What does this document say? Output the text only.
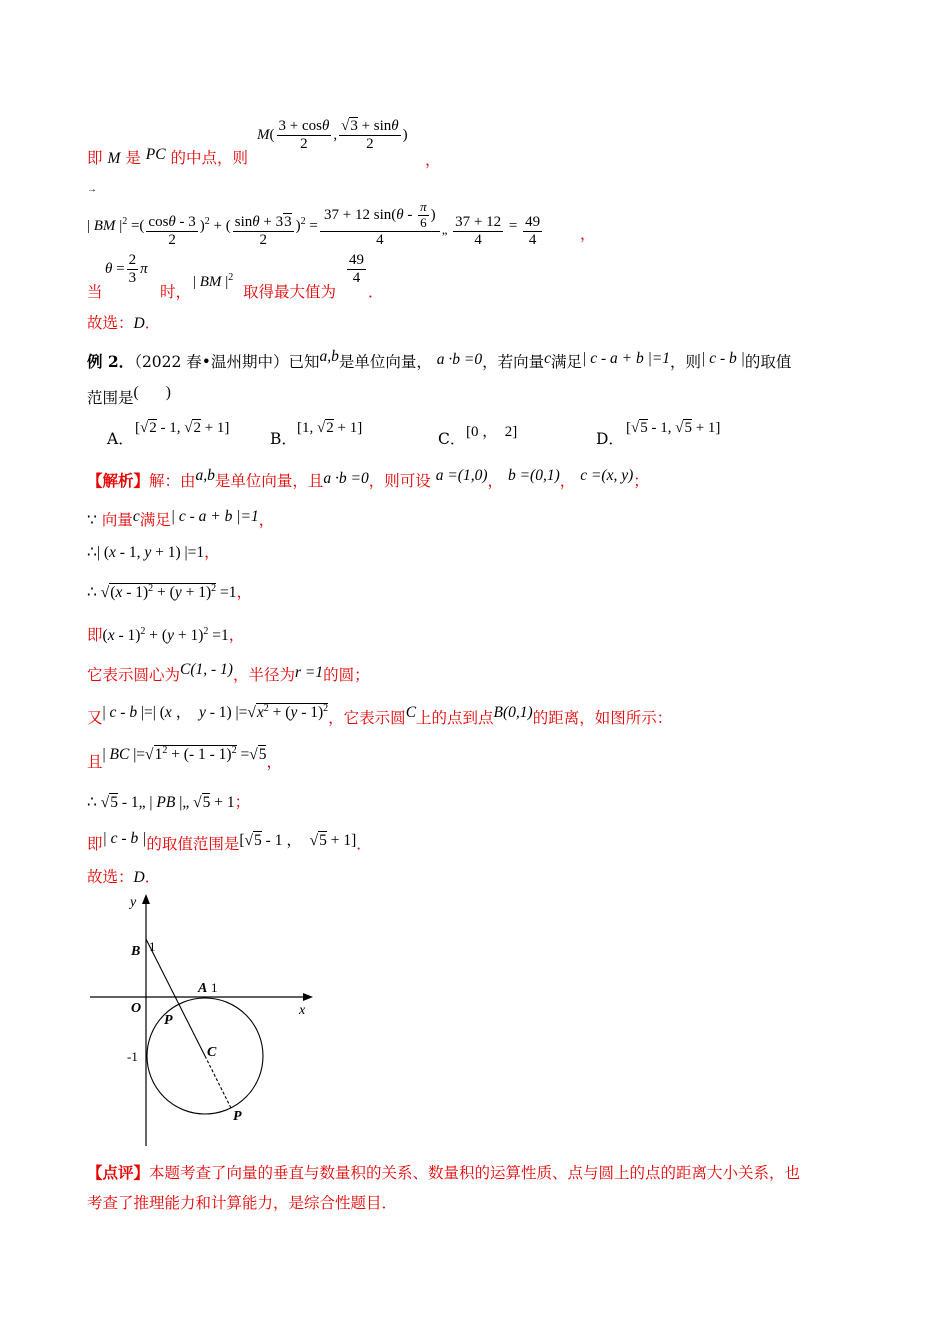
即 M 是 PC 的中点，则
$M( \frac{3 + \cos\theta}{2}$ , $\frac{√3 + \sin\theta}{2}$ )
，
→
| BM $|^2$ =( $\frac{\cos\theta - 3}{2} )^2$ + ( $\frac{\sin\theta + 33}{2} )^2 = \frac{37 + 12 \sin(\theta - \frac{\pi}{6} )}{4} _„ \frac{37 + 12}{4} = \frac{49}{4}$ ，
当
$\theta = \frac{2}{3}$ π
时，
| BM $|^2$
取得最大值为
$\frac{49}{4}$
．
故选：D．
例 2．（2022 春•温州期中）已知a,b是单位向量， a ·b =0，若向量c满足| c - a + b |=1，则| c - b |的取值
范围是(       )
A．
[√2 - 1, √2 + 1]
B．
[1, √2 + 1]
C． [0 ，  2]	D．
[√5 - 1, √5 + 1]
【解析】解：由a,b是单位向量，且a ·b =0，则可设 a =(1,0)， b =(0,1)， c =(x, y)；
∵ 向量c满足| c - a + b |=1，
∴| (x - 1, y + 1) |=1，
∴ $√(x - 1)^2 + (y + 1)^2 =1$，
即$(x - 1)^2 + (y + 1)^2 =1$，
它表示圆心为C(1, - 1)，半径为r =1的圆；
又| c - b |=| (x ，  y - 1) $|=√x^2 + (y - 1)^2$，它表示圆C上的点到点B(0,1)的距离，如图所示：
且| BC $|=√1^2$ + (- 1 - 1)$^2$ =√5，
∴ √5 - 1„ | PB |„ √5 + 1；
即| c - b |的取值范围是[√5 - 1 ，  √5 + 1]．
故选：D．
y
x
B 1
A 1
O
P
C
-1
P
【点评】本题考查了向量的垂直与数量积的关系、数量积的运算性质、点与圆上的点的距离大小关系，也
考查了推理能力和计算能力，是综合性题目．
